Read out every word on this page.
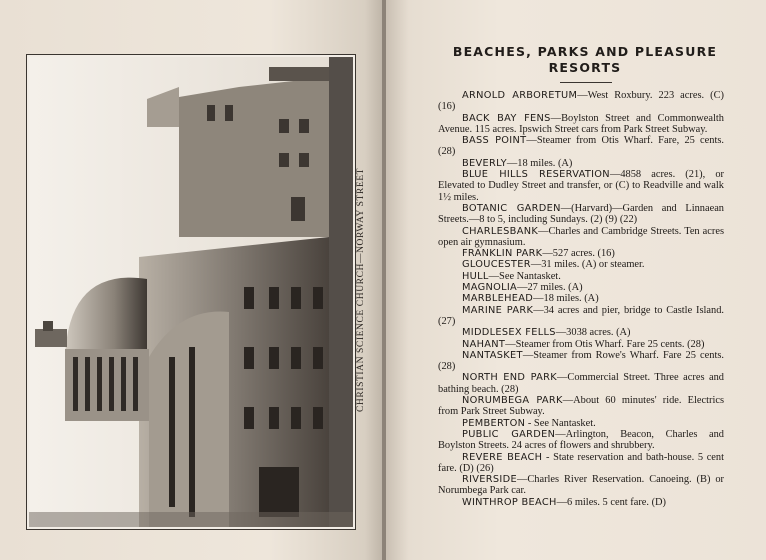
CHRISTIAN SCIENCE CHURCH—NORWAY STREET
BEACHES, PARKS AND PLEASURE
RESORTS

ARNOLD ARBORETUM—West Roxbury. 223 acres. (C) (16)

BACK BAY FENS—Boylston Street and Commonwealth Avenue. 115 acres. Ipswich Street cars from Park Street Subway.

BASS POINT—Steamer from Otis Wharf. Fare, 25 cents. (28)

BEVERLY—18 miles. (A)

BLUE HILLS RESERVATION—4858 acres. (21), or Elevated to Dudley Street and transfer, or (C) to Readville and walk 1½ miles.

BOTANIC GARDEN—(Harvard)—Garden and Linnaean Streets.—8 to 5, including Sundays. (2) (9) (22)

CHARLESBANK—Charles and Cambridge Streets. Ten acres open air gymnasium.

FRANKLIN PARK—527 acres. (16)

GLOUCESTER—31 miles. (A) or steamer.

HULL—See Nantasket.

MAGNOLIA—27 miles. (A)

MARBLEHEAD—18 miles. (A)

MARINE PARK—34 acres and pier, bridge to Castle Island. (27)

MIDDLESEX FELLS—3038 acres. (A)

NAHANT—Steamer from Otis Wharf. Fare 25 cents. (28)

NANTASKET—Steamer from Rowe's Wharf. Fare 25 cents. (28)

NORTH END PARK—Commercial Street. Three acres and bathing beach. (28)

NORUMBEGA PARK—About 60 minutes' ride. Electrics from Park Street Subway.

PEMBERTON - See Nantasket.

PUBLIC GARDEN—Arlington, Beacon, Charles and Boylston Streets. 24 acres of flowers and shrubbery.

REVERE BEACH - State reservation and bath-house. 5 cent fare. (D) (26)

RIVERSIDE—Charles River Reservation. Canoeing. (B) or Norumbega Park car.

WINTHROP BEACH—6 miles. 5 cent fare. (D)
